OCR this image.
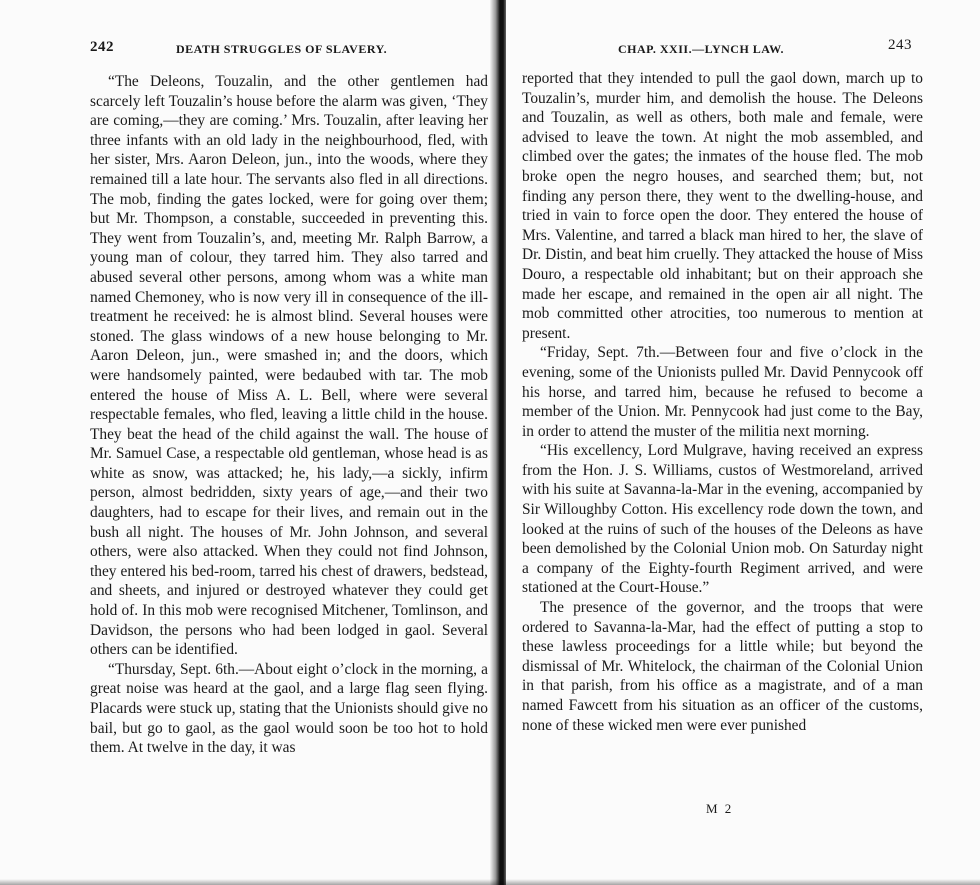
242	DEATH STRUGGLES OF SLAVERY.

“The Deleons, Touzalin, and the other gentlemen had scarcely left Touzalin’s house before the alarm was given, ‘They are coming,—they are coming.’ Mrs. Touzalin, after leaving her three infants with an old lady in the neighbourhood, fled, with her sister, Mrs. Aaron Deleon, jun., into the woods, where they remained till a late hour. The servants also fled in all directions. The mob, finding the gates locked, were for going over them; but Mr. Thompson, a constable, succeeded in preventing this. They went from Touzalin’s, and, meeting Mr. Ralph Barrow, a young man of colour, they tarred him. They also tarred and abused several other persons, among whom was a white man named Chemoney, who is now very ill in consequence of the ill-treatment he received: he is almost blind. Several houses were stoned. The glass windows of a new house belonging to Mr. Aaron Deleon, jun., were smashed in; and the doors, which were handsomely painted, were bedaubed with tar. The mob entered the house of Miss A. L. Bell, where were several respectable females, who fled, leaving a little child in the house. They beat the head of the child against the wall. The house of Mr. Samuel Case, a respectable old gentleman, whose head is as white as snow, was attacked; he, his lady,—a sickly, infirm person, almost bedridden, sixty years of age,—and their two daughters, had to escape for their lives, and remain out in the bush all night. The houses of Mr. John Johnson, and several others, were also attacked. When they could not find Johnson, they entered his bed-room, tarred his chest of drawers, bedstead, and sheets, and injured or destroyed whatever they could get hold of. In this mob were recognised Mitchener, Tomlinson, and Davidson, the persons who had been lodged in gaol. Several others can be identified.

“Thursday, Sept. 6th.—About eight o’clock in the morning, a great noise was heard at the gaol, and a large flag seen flying. Placards were stuck up, stating that the Unionists should give no bail, but go to gaol, as the gaol would soon be too hot to hold them. At twelve in the day, it was

CHAP. XXII.—LYNCH LAW.	243

reported that they intended to pull the gaol down, march up to Touzalin’s, murder him, and demolish the house. The Deleons and Touzalin, as well as others, both male and female, were advised to leave the town. At night the mob assembled, and climbed over the gates; the inmates of the house fled. The mob broke open the negro houses, and searched them; but, not finding any person there, they went to the dwelling-house, and tried in vain to force open the door. They entered the house of Mrs. Valentine, and tarred a black man hired to her, the slave of Dr. Distin, and beat him cruelly. They attacked the house of Miss Douro, a respectable old inhabitant; but on their approach she made her escape, and remained in the open air all night. The mob committed other atrocities, too numerous to mention at present.

“Friday, Sept. 7th.—Between four and five o’clock in the evening, some of the Unionists pulled Mr. David Pennycook off his horse, and tarred him, because he refused to become a member of the Union. Mr. Pennycook had just come to the Bay, in order to attend the muster of the militia next morning.

“His excellency, Lord Mulgrave, having received an express from the Hon. J. S. Williams, custos of Westmoreland, arrived with his suite at Savanna-la-Mar in the evening, accompanied by Sir Willoughby Cotton. His excellency rode down the town, and looked at the ruins of such of the houses of the Deleons as have been demolished by the Colonial Union mob. On Saturday night a company of the Eighty-fourth Regiment arrived, and were stationed at the Court-House.”

The presence of the governor, and the troops that were ordered to Savanna-la-Mar, had the effect of putting a stop to these lawless proceedings for a little while; but beyond the dismissal of Mr. Whitelock, the chairman of the Colonial Union in that parish, from his office as a magistrate, and of a man named Fawcett from his situation as an officer of the customs, none of these wicked men were ever punished

M 2
